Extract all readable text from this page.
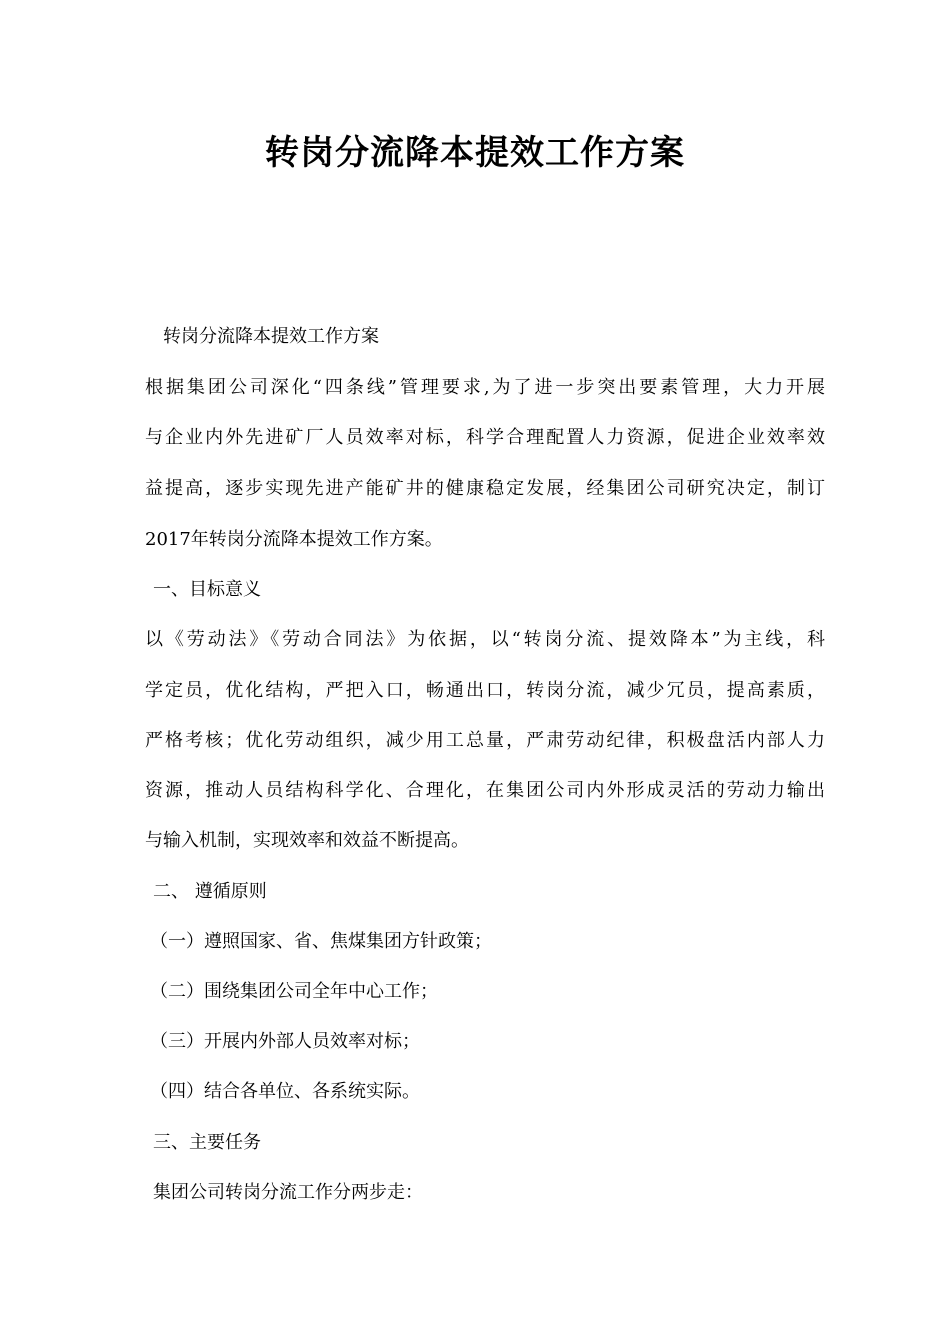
转岗分流降本提效工作方案
转岗分流降本提效工作方案
根据集团公司深化“四条线”管理要求,为了进一步突出要素管理，大力开展
与企业内外先进矿厂人员效率对标，科学合理配置人力资源，促进企业效率效
益提高，逐步实现先进产能矿井的健康稳定发展，经集团公司研究决定，制订
2017年转岗分流降本提效工作方案。
一、目标意义
以《劳动法》《劳动合同法》为依据，以“转岗分流、提效降本”为主线，科
学定员，优化结构，严把入口，畅通出口，转岗分流，减少冗员，提高素质，
严格考核；优化劳动组织，减少用工总量，严肃劳动纪律，积极盘活内部人力
资源，推动人员结构科学化、合理化，在集团公司内外形成灵活的劳动力输出
与输入机制，实现效率和效益不断提高。
二、 遵循原则
（一）遵照国家、省、焦煤集团方针政策；
（二）围绕集团公司全年中心工作；
（三）开展内外部人员效率对标；
（四）结合各单位、各系统实际。
三、主要任务
集团公司转岗分流工作分两步走：
